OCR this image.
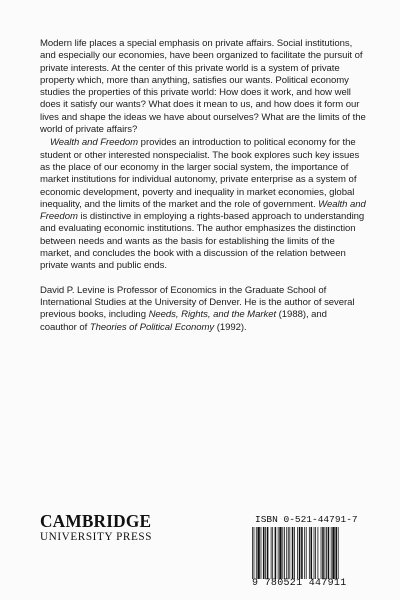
Modern life places a special emphasis on private affairs. Social institutions, and especially our economies, have been organized to facilitate the pursuit of private interests. At the center of this private world is a system of private property which, more than anything, satisfies our wants. Political economy studies the properties of this private world: How does it work, and how well does it satisfy our wants? What does it mean to us, and how does it form our lives and shape the ideas we have about ourselves? What are the limits of the world of private affairs?

Wealth and Freedom provides an introduction to political economy for the student or other interested nonspecialist. The book explores such key issues as the place of our economy in the larger social system, the importance of market institutions for individual autonomy, private enterprise as a system of economic development, poverty and inequality in market economies, global inequality, and the limits of the market and the role of government. Wealth and Freedom is distinctive in employing a rights-based approach to understanding and evaluating economic institutions. The author emphasizes the distinction between needs and wants as the basis for establishing the limits of the market, and concludes the book with a discussion of the relation between private wants and public ends.

David P. Levine is Professor of Economics in the Graduate School of International Studies at the University of Denver. He is the author of several previous books, including Needs, Rights, and the Market (1988), and coauthor of Theories of Political Economy (1992).

CAMBRIDGE
UNIVERSITY PRESS
ISBN 0-521-44791-7
9 780521 447911
